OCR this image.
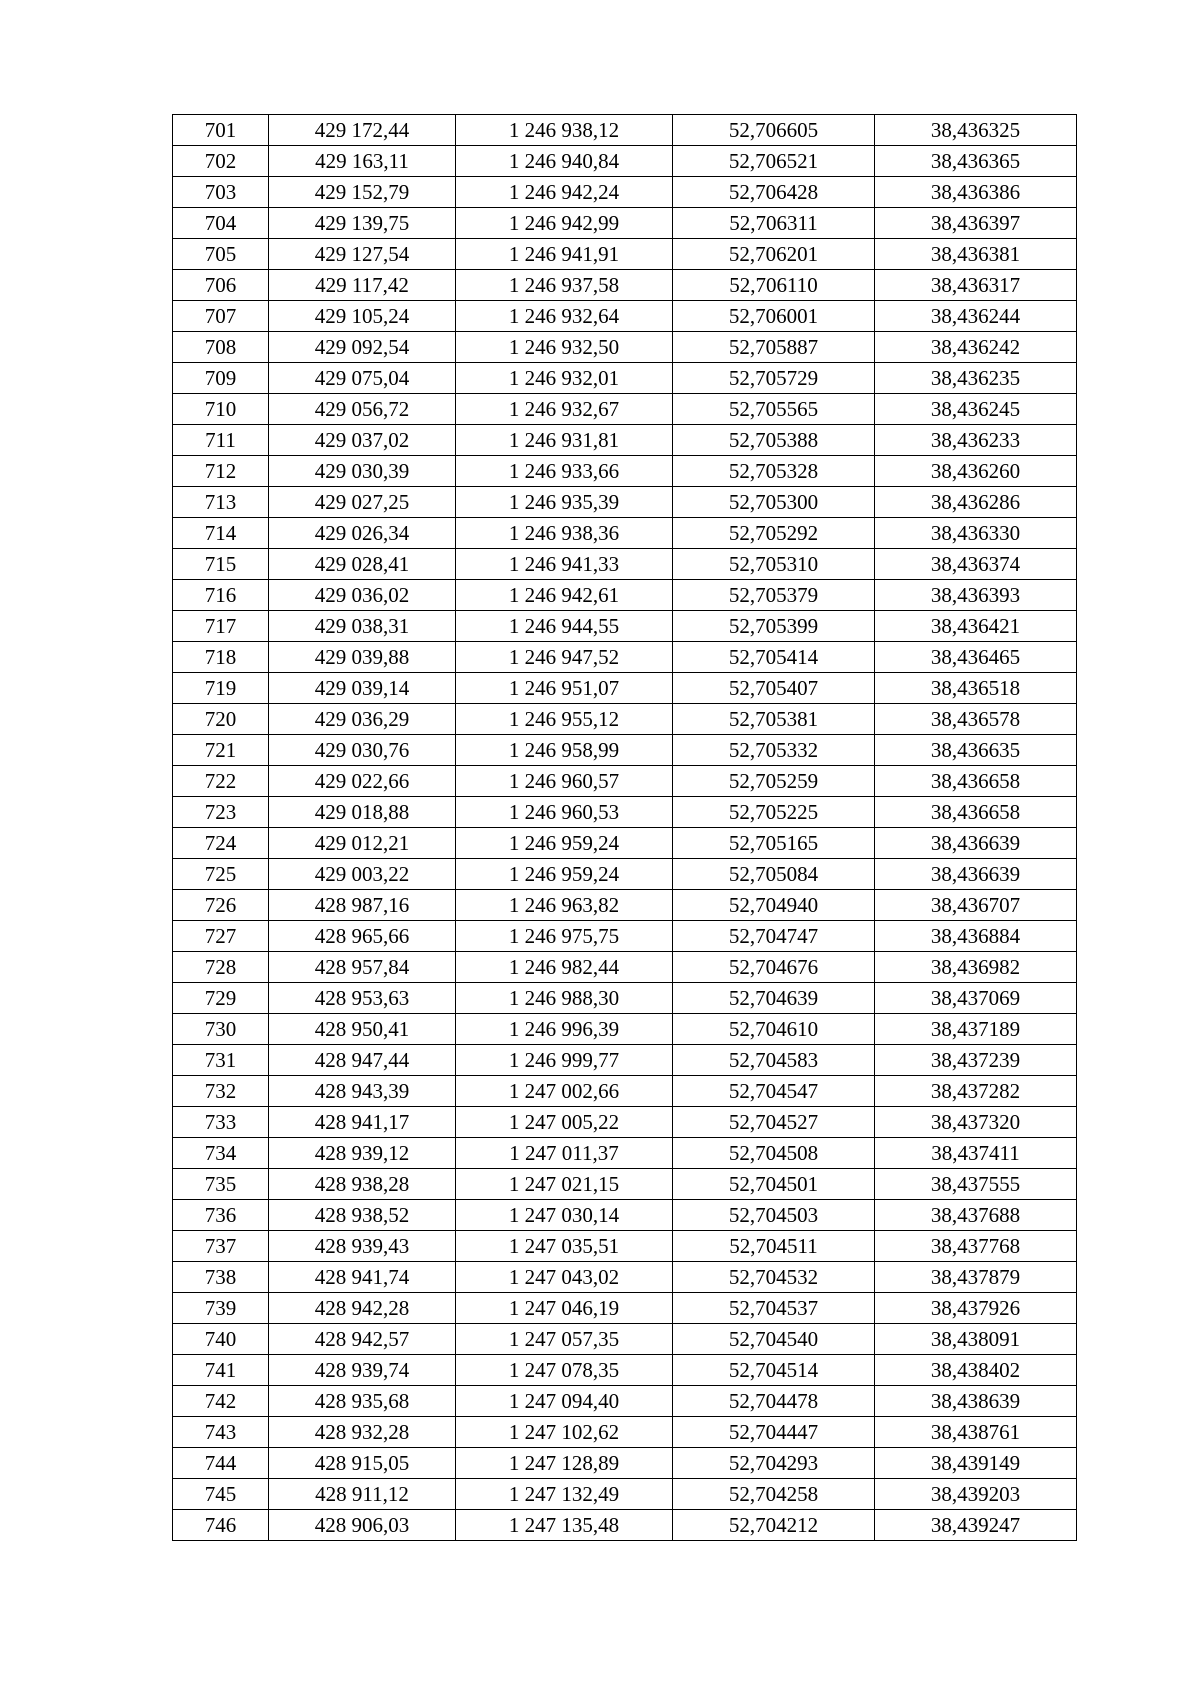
701	429 172,44	1 246 938,12	52,706605	38,436325
702	429 163,11	1 246 940,84	52,706521	38,436365
703	429 152,79	1 246 942,24	52,706428	38,436386
704	429 139,75	1 246 942,99	52,706311	38,436397
705	429 127,54	1 246 941,91	52,706201	38,436381
706	429 117,42	1 246 937,58	52,706110	38,436317
707	429 105,24	1 246 932,64	52,706001	38,436244
708	429 092,54	1 246 932,50	52,705887	38,436242
709	429 075,04	1 246 932,01	52,705729	38,436235
710	429 056,72	1 246 932,67	52,705565	38,436245
711	429 037,02	1 246 931,81	52,705388	38,436233
712	429 030,39	1 246 933,66	52,705328	38,436260
713	429 027,25	1 246 935,39	52,705300	38,436286
714	429 026,34	1 246 938,36	52,705292	38,436330
715	429 028,41	1 246 941,33	52,705310	38,436374
716	429 036,02	1 246 942,61	52,705379	38,436393
717	429 038,31	1 246 944,55	52,705399	38,436421
718	429 039,88	1 246 947,52	52,705414	38,436465
719	429 039,14	1 246 951,07	52,705407	38,436518
720	429 036,29	1 246 955,12	52,705381	38,436578
721	429 030,76	1 246 958,99	52,705332	38,436635
722	429 022,66	1 246 960,57	52,705259	38,436658
723	429 018,88	1 246 960,53	52,705225	38,436658
724	429 012,21	1 246 959,24	52,705165	38,436639
725	429 003,22	1 246 959,24	52,705084	38,436639
726	428 987,16	1 246 963,82	52,704940	38,436707
727	428 965,66	1 246 975,75	52,704747	38,436884
728	428 957,84	1 246 982,44	52,704676	38,436982
729	428 953,63	1 246 988,30	52,704639	38,437069
730	428 950,41	1 246 996,39	52,704610	38,437189
731	428 947,44	1 246 999,77	52,704583	38,437239
732	428 943,39	1 247 002,66	52,704547	38,437282
733	428 941,17	1 247 005,22	52,704527	38,437320
734	428 939,12	1 247 011,37	52,704508	38,437411
735	428 938,28	1 247 021,15	52,704501	38,437555
736	428 938,52	1 247 030,14	52,704503	38,437688
737	428 939,43	1 247 035,51	52,704511	38,437768
738	428 941,74	1 247 043,02	52,704532	38,437879
739	428 942,28	1 247 046,19	52,704537	38,437926
740	428 942,57	1 247 057,35	52,704540	38,438091
741	428 939,74	1 247 078,35	52,704514	38,438402
742	428 935,68	1 247 094,40	52,704478	38,438639
743	428 932,28	1 247 102,62	52,704447	38,438761
744	428 915,05	1 247 128,89	52,704293	38,439149
745	428 911,12	1 247 132,49	52,704258	38,439203
746	428 906,03	1 247 135,48	52,704212	38,439247
